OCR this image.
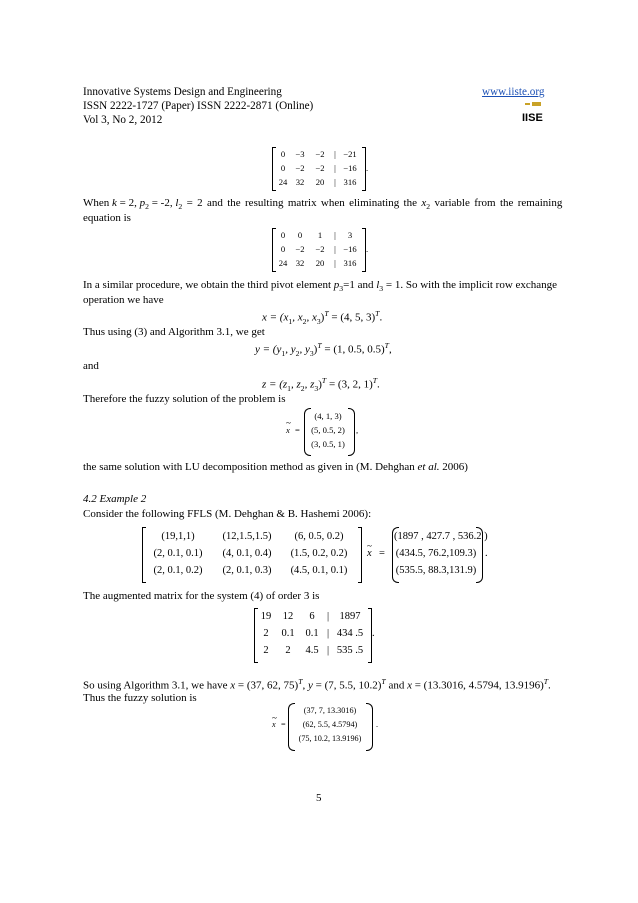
Innovative Systems Design and Engineering
ISSN 2222-1727 (Paper) ISSN 2222-2871 (Online)
Vol 3, No 2, 2012
www.iiste.org
IISE
0	−3	−2	| −21
0	−2	−2	| −16
24 32	20	| 316
.
When k = 2, $p_2 = -2$, $l_2 = 2$ and the resulting matrix when eliminating the $x_2$ variable from the remaining
equation is
0	0	1	|	3
0	−2	−2	| −16
24 32	20	| 316
.
In a similar procedure, we obtain the third pivot element $p_3=1$ and $l_3 = 1$. So with the implicit row exchange
operation we have
$x = (x_1$, $x_2$, $x_3)^T = (4$, 5, 3)$^T$.
Thus using (3) and Algorithm 3.1, we get
$y = (y_1$, $y_2$, $y_3)^T = (1$, 0.5, 0.5)$^T$,
and
$z = (z_1$, $z_2$, $z_3)^T = (3$, 2, 1)$^T$.
Therefore the fuzzy solution of the problem is
~ x =
(4, 1, 3)
(5, 0.5, 2)
(3, 0.5, 1)
,
the same solution with LU decomposition method as given in (M. Dehghan et al. 2006)
4.2 Example 2
Consider the following FFLS (M. Dehghan & B. Hashemi 2006):
(19,1,1)	(12,1.5,1.5)	(6, 0.5, 0.2)
(2, 0.1, 0.1)	(4, 0.1, 0.4)	(1.5, 0.2, 0.2)
(2, 0.1, 0.2)	(2, 0.1, 0.3)	(4.5, 0.1, 0.1)
~ x =
(1897 , 427.7 , 536.2 )
(434.5, 76.2,109.3)
(535.5, 88.3,131.9)
.
The augmented matrix for the system (4) of order 3 is
19	12	6	| 1897
2	0.1	0.1 | 434 .5
2	2	4.5 | 535 .5
.
So using Algorithm 3.1, we have x = (37, 62, 75)$^T$, y = (7, 5.5, 10.2)$^T$ and x = (13.3016, 4.5794, 13.9196)$^T$.
Thus the fuzzy solution is
~ x =
(37, 7, 13.3016)
(62, 5.5, 4.5794)
(75, 10.2, 13.9196)
.
5
